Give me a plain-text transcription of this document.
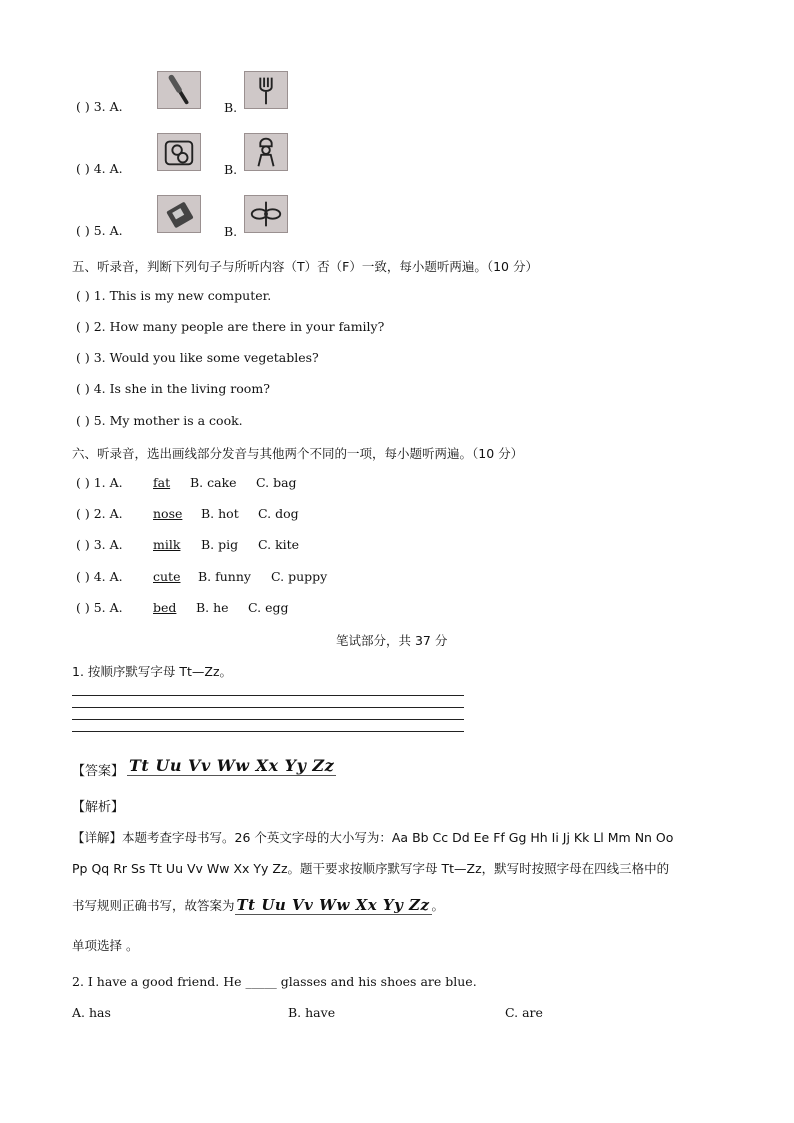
( ) 3. A.	B.
( ) 4. A.	B.
( ) 5. A.	B.
五、听录音，判断下列句子与所听内容（T）否（F）一致，每小题听两遍。（10 分）
( ) 1. This is my new computer.
( ) 2. How many people are there in your family?
( ) 3. Would you like some vegetables?
( ) 4. Is she in the living room?
( ) 5. My mother is a cook.
六、听录音，选出画线部分发音与其他两个不同的一项，每小题听两遍。（10 分）
( ) 1. A. fat B. cake C. bag
( ) 2. A. nose B. hot C. dog
( ) 3. A. milk B. pig C. kite
( ) 4. A. cute B. funny C. puppy
( ) 5. A. bed B. he C. egg
笔试部分，共 37 分
1. 按顺序默写字母 Tt—Zz。
【答案】 Tt Uu Vv Ww Xx Yy Zz
【解析】
【详解】本题考查字母书写。26 个英文字母的大小写为：Aa Bb Cc Dd Ee Ff Gg Hh Ii Jj Kk Ll Mm Nn Oo
Pp Qq Rr Ss Tt Uu Vv Ww Xx Yy Zz。题干要求按顺序默写字母 Tt—Zz，默写时按照字母在四线三格中的
书写规则正确书写，故答案为 Tt Uu Vv Ww Xx Yy Zz 。
单项选择 。
2. I have a good friend. He _____ glasses and his shoes are blue.
A. has	B. have	C. are
